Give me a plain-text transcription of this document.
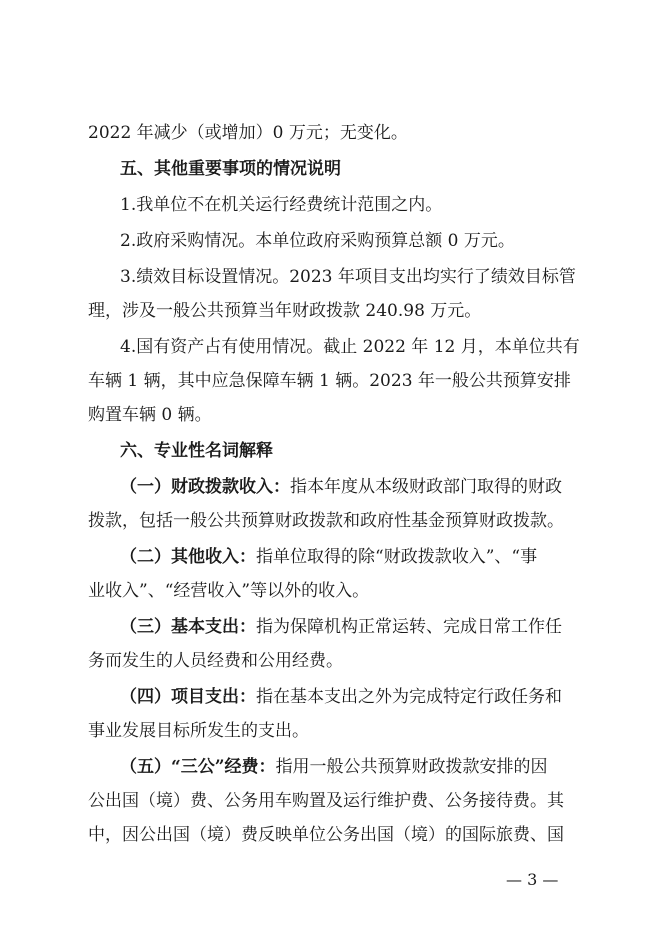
2022 年减少（或增加）0 万元；无变化。
五、其他重要事项的情况说明
1.我单位不在机关运行经费统计范围之内。
2.政府采购情况。本单位政府采购预算总额 0 万元。
3.绩效目标设置情况。2023 年项目支出均实行了绩效目标管
理，涉及一般公共预算当年财政拨款 240.98 万元。
4.国有资产占有使用情况。截止 2022 年 12 月，本单位共有
车辆 1 辆，其中应急保障车辆 1 辆。2023 年一般公共预算安排
购置车辆 0 辆。
六、专业性名词解释
（一）财政拨款收入：指本年度从本级财政部门取得的财政
拨款，包括一般公共预算财政拨款和政府性基金预算财政拨款。
（二）其他收入：指单位取得的除“财政拨款收入”、“事
业收入”、“经营收入”等以外的收入。
（三）基本支出：指为保障机构正常运转、完成日常工作任
务而发生的人员经费和公用经费。
（四）项目支出：指在基本支出之外为完成特定行政任务和
事业发展目标所发生的支出。
（五）“三公”经费：指用一般公共预算财政拨款安排的因
公出国（境）费、公务用车购置及运行维护费、公务接待费。其
中，因公出国（境）费反映单位公务出国（境）的国际旅费、国
— 3 —
